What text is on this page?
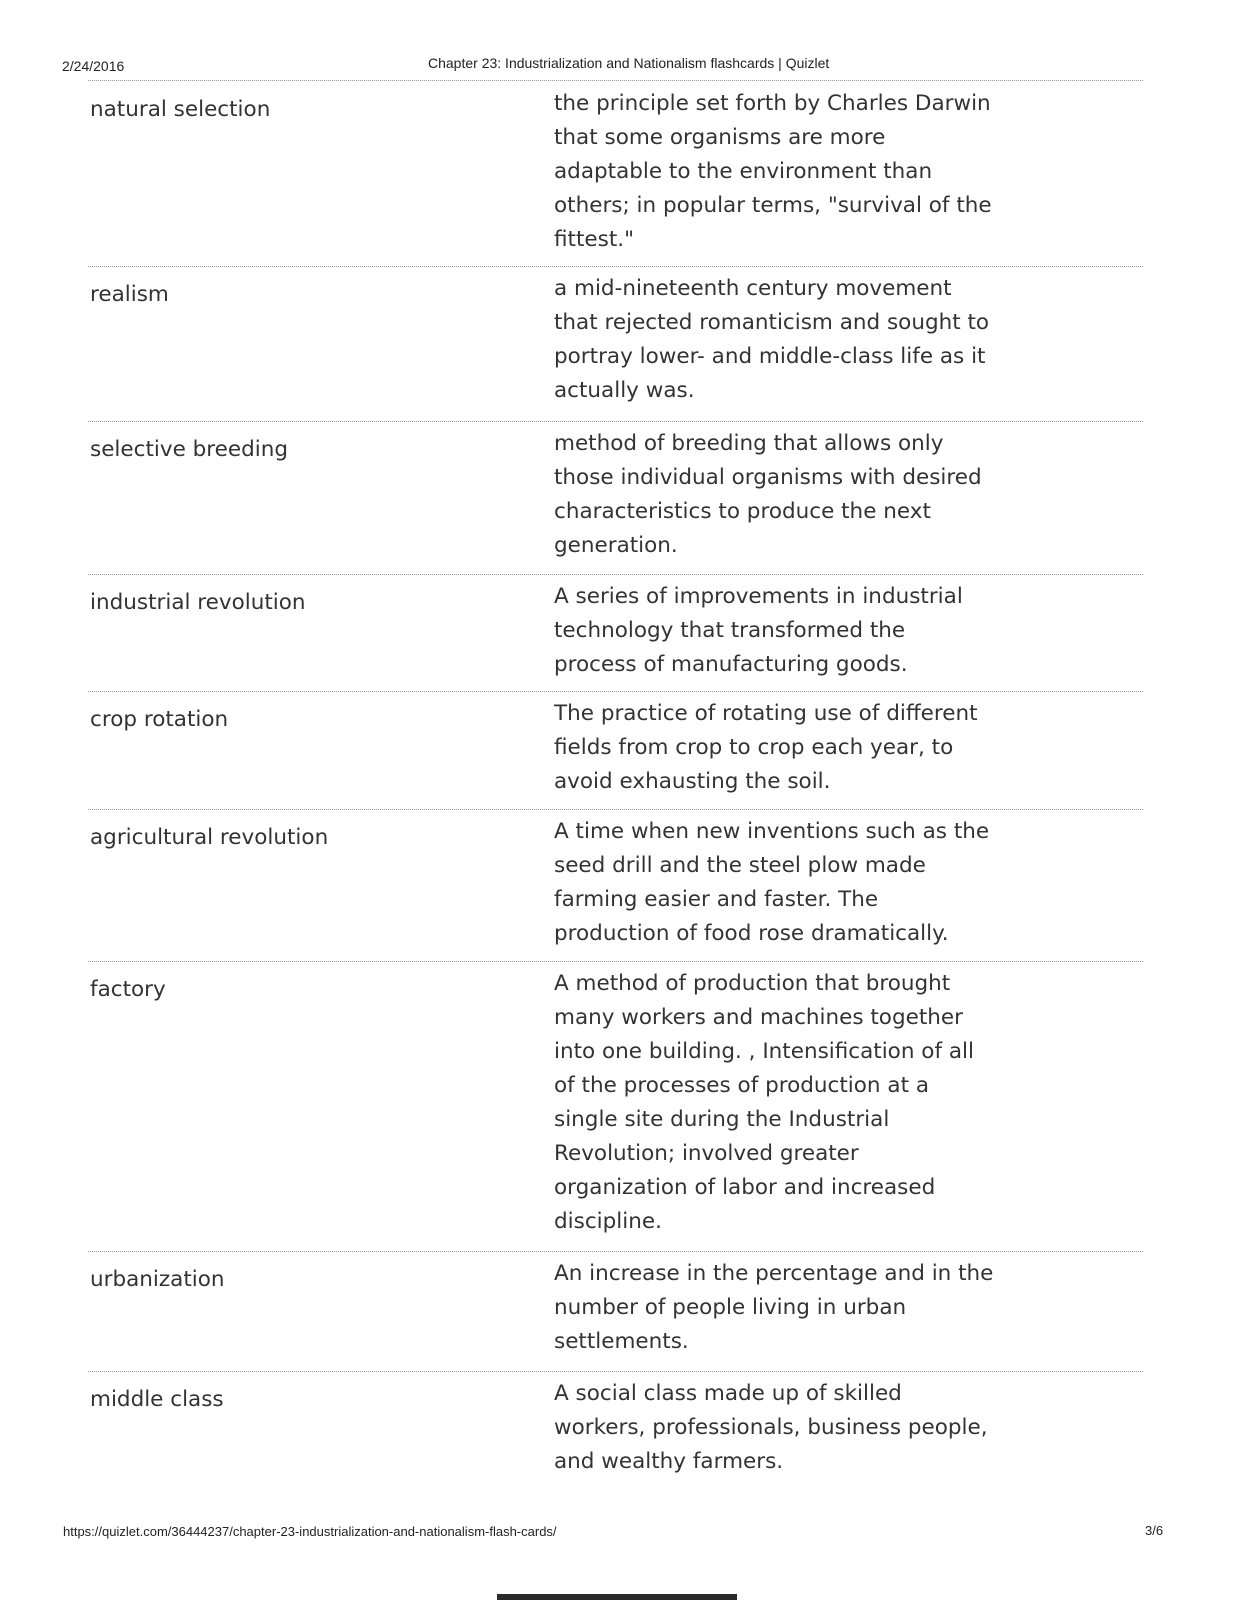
2/24/2016	Chapter 23: Industrialization and Nationalism flashcards | Quizlet
natural selection	the principle set forth by Charles Darwin that some organisms are more adaptable to the environment than others; in popular terms, "survival of the fittest."
realism	a mid-nineteenth century movement that rejected romanticism and sought to portray lower- and middle-class life as it actually was.
selective breeding	method of breeding that allows only those individual organisms with desired characteristics to produce the next generation.
industrial revolution	A series of improvements in industrial technology that transformed the process of manufacturing goods.
crop rotation	The practice of rotating use of different fields from crop to crop each year, to avoid exhausting the soil.
agricultural revolution	A time when new inventions such as the seed drill and the steel plow made farming easier and faster. The production of food rose dramatically.
factory	A method of production that brought many workers and machines together into one building. , Intensification of all of the processes of production at a single site during the Industrial Revolution; involved greater organization of labor and increased discipline.
urbanization	An increase in the percentage and in the number of people living in urban settlements.
middle class	A social class made up of skilled workers, professionals, business people, and wealthy farmers.
https://quizlet.com/36444237/chapter-23-industrialization-and-nationalism-flash-cards/	3/6
